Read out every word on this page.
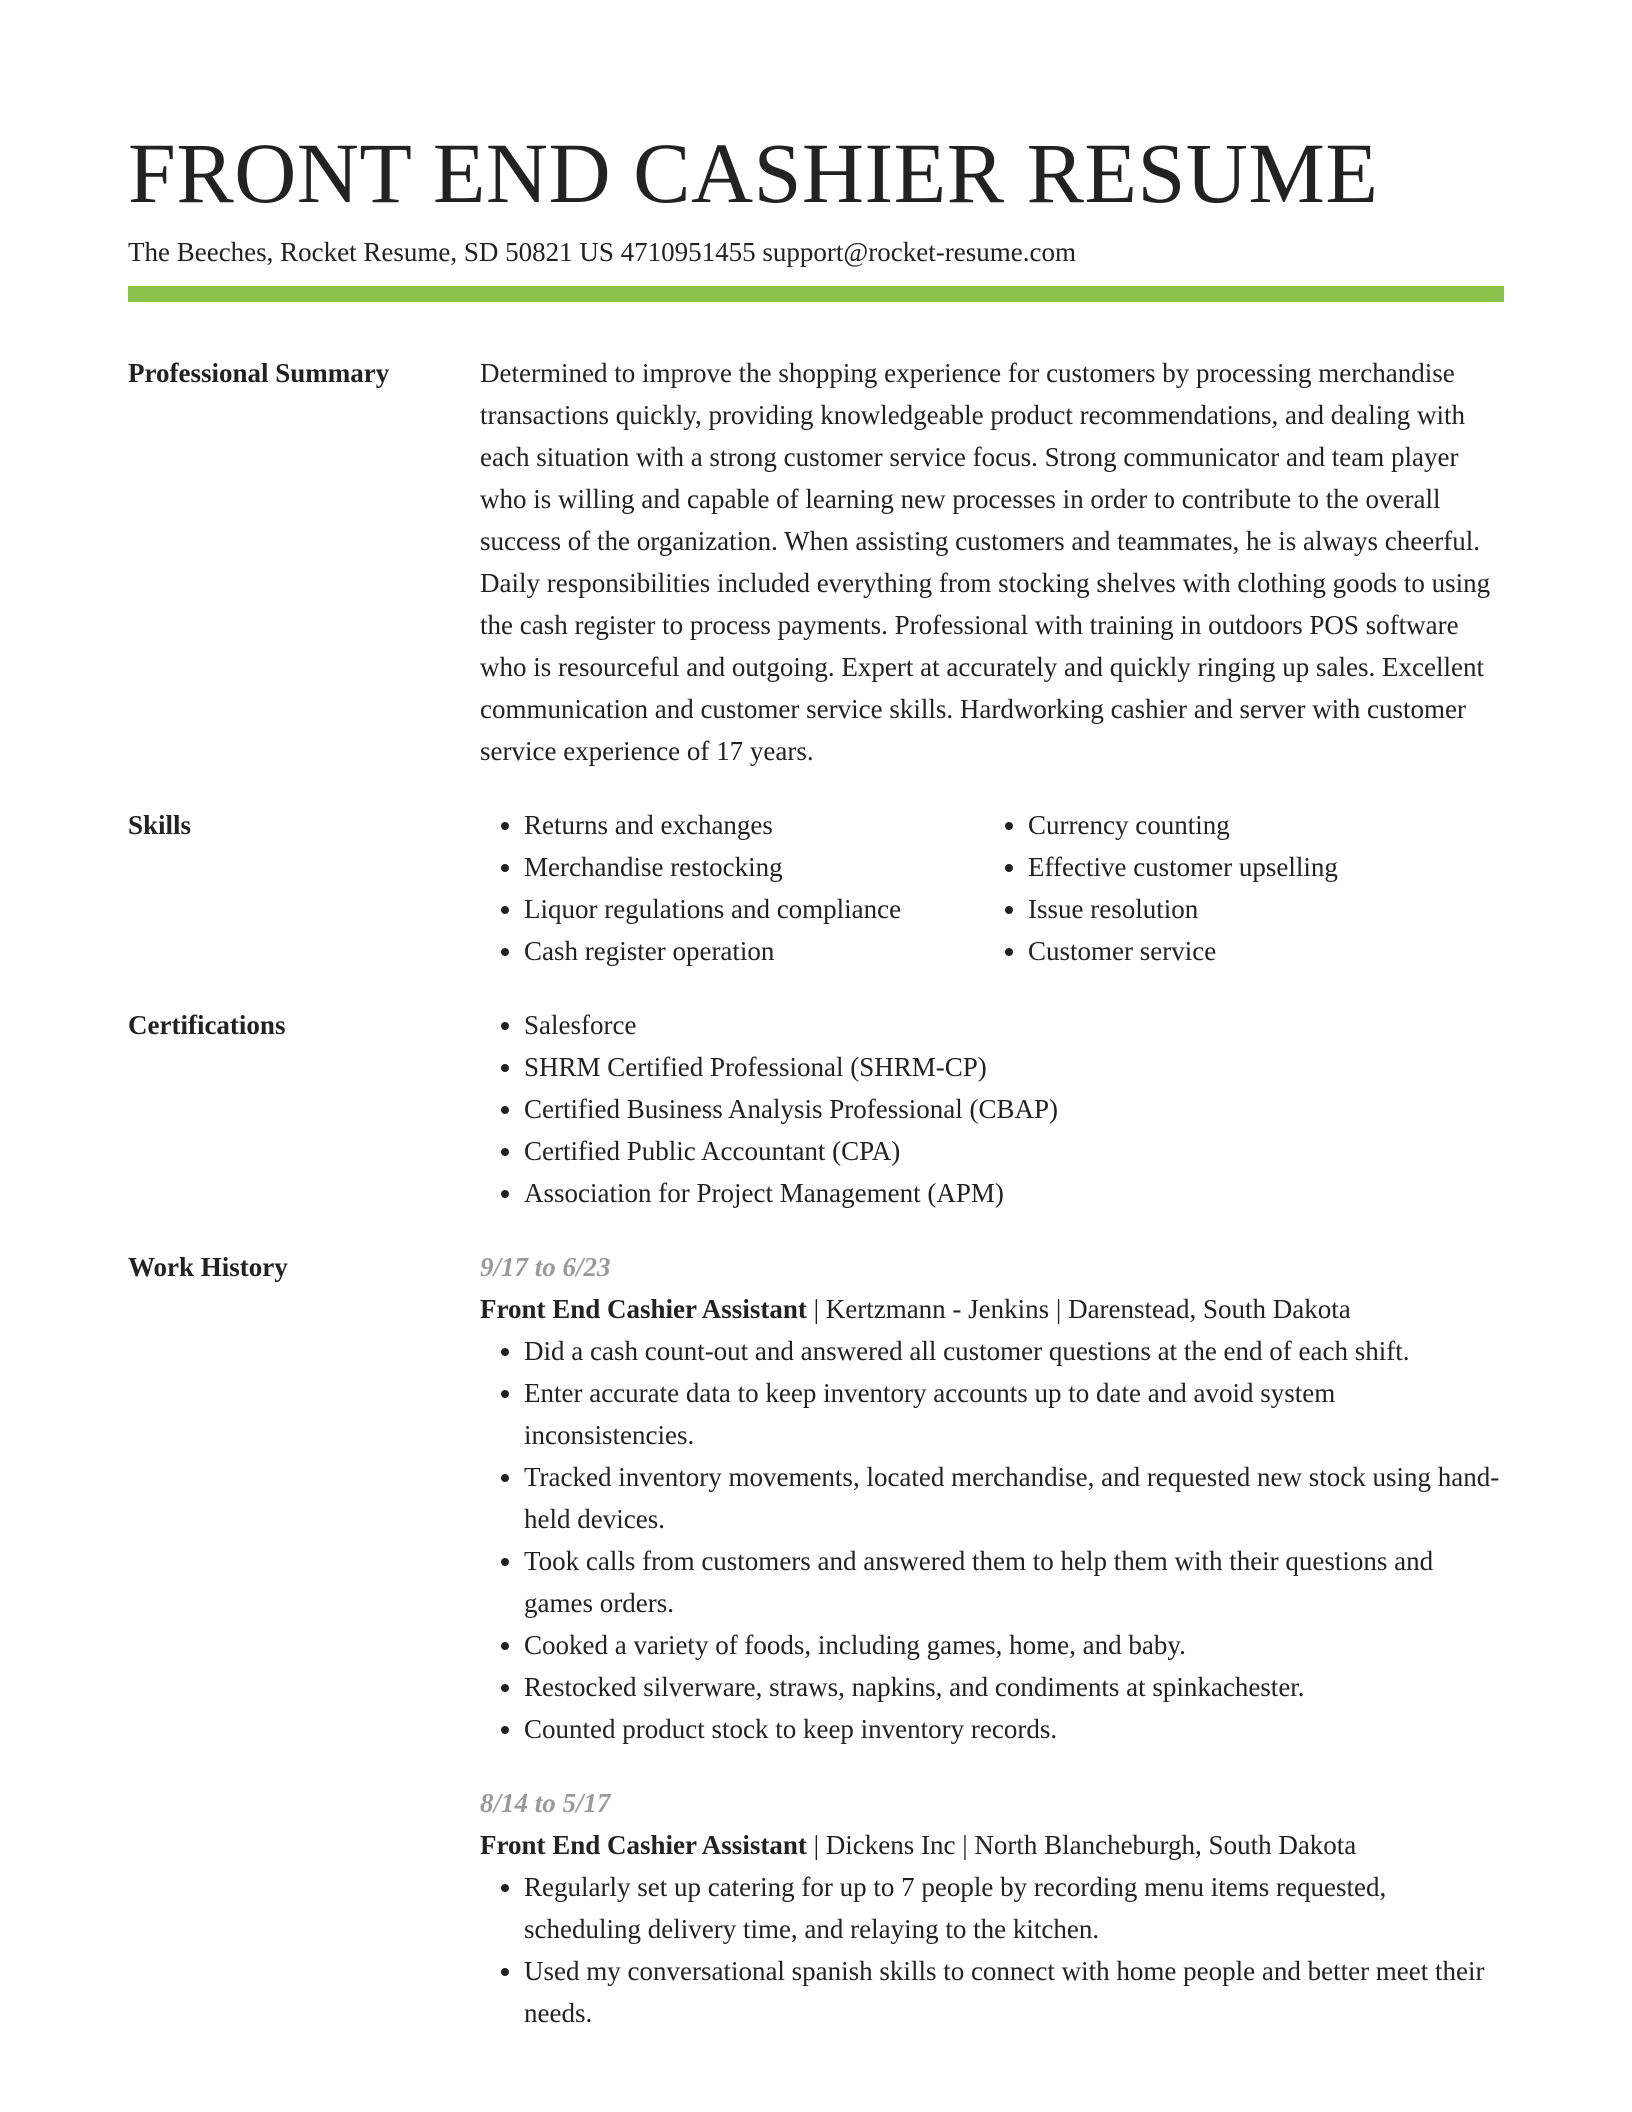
FRONT END CASHIER RESUME
The Beeches, Rocket Resume, SD 50821 US 4710951455 support@rocket-resume.com
Professional Summary	Determined to improve the shopping experience for customers by processing merchandise transactions quickly, providing knowledgeable product recommendations, and dealing with each situation with a strong customer service focus. Strong communicator and team player who is willing and capable of learning new processes in order to contribute to the overall success of the organization. When assisting customers and teammates, he is always cheerful. Daily responsibilities included everything from stocking shelves with clothing goods to using the cash register to process payments. Professional with training in outdoors POS software who is resourceful and outgoing. Expert at accurately and quickly ringing up sales. Excellent communication and customer service skills. Hardworking cashier and server with customer service experience of 17 years.
Skills	• Returns and exchanges
• Merchandise restocking
• Liquor regulations and compliance
• Cash register operation
• Currency counting
• Effective customer upselling
• Issue resolution
• Customer service
Certifications	• Salesforce
• SHRM Certified Professional (SHRM-CP)
• Certified Business Analysis Professional (CBAP)
• Certified Public Accountant (CPA)
• Association for Project Management (APM)
Work History	9/17 to 6/23
Front End Cashier Assistant | Kertzmann - Jenkins | Darenstead, South Dakota
• Did a cash count-out and answered all customer questions at the end of each shift.
• Enter accurate data to keep inventory accounts up to date and avoid system inconsistencies.
• Tracked inventory movements, located merchandise, and requested new stock using hand-held devices.
• Took calls from customers and answered them to help them with their questions and games orders.
• Cooked a variety of foods, including games, home, and baby.
• Restocked silverware, straws, napkins, and condiments at spinkachester.
• Counted product stock to keep inventory records.
8/14 to 5/17
Front End Cashier Assistant | Dickens Inc | North Blancheburgh, South Dakota
• Regularly set up catering for up to 7 people by recording menu items requested, scheduling delivery time, and relaying to the kitchen.
• Used my conversational spanish skills to connect with home people and better meet their needs.
